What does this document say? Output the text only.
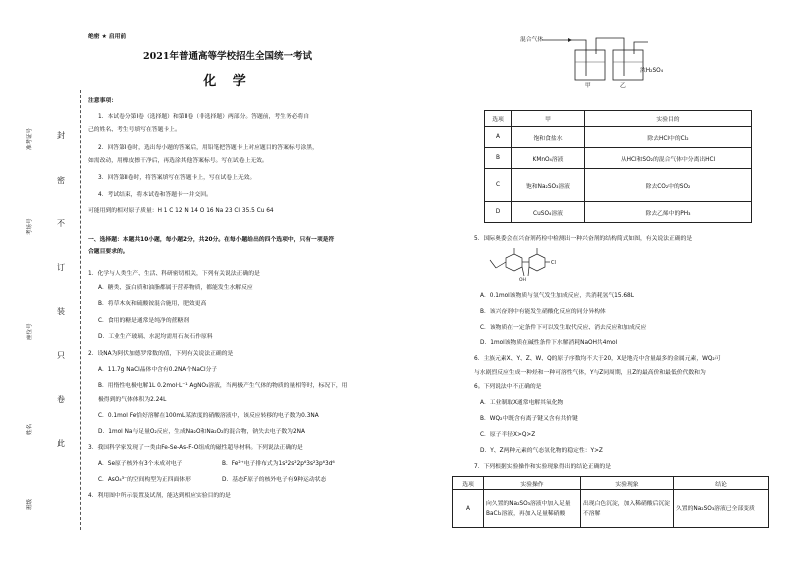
封
密
不
订
装
只
卷
此
准考证号
考场号
座位号
姓名
班级
绝密 ★ 启用前
2021年普通高等学校招生全国统一考试
化 学
注意事项：
1．本试卷分第Ⅰ卷（选择题）和第Ⅱ卷（非选择题）两部分。答题前，考生务必将自
己的姓名、考生号填写在答题卡上。
2．回答第Ⅰ卷时，选出每小题的答案后，用铅笔把答题卡上对应题目的答案标号涂黑，
如需改动，用橡皮擦干净后，再选涂其他答案标号。写在试卷上无效。
3．回答第Ⅱ卷时，将答案填写在答题卡上，写在试卷上无效。
4．考试结束，将本试卷和答题卡一并交回。
可能用到的相对原子质量：H 1 C 12 N 14 O 16 Na 23 Cl 35.5 Cu 64
一、选择题：本题共10小题，每小题2分，共20分。在每小题给出的四个选项中，只有一项是符
合题目要求的。
1．化学与人类生产、生活、科研密切相关，下列有关说法正确的是
A．糖类、蛋白质和油脂都属于营养物质，都能发生水解反应
B．将草木灰和硫酸铵混合施用，肥效更高
C．食用的糖是通常是纯净的蔗糖剂
D．工业生产玻璃、水泥均需用石灰石作原料
2．设NA为阿伏加德罗常数的值，下列有关说法正确的是
A．11.7g NaCl晶体中含有0.2NA个NaCl分子
B．用惰性电极电解1L 0.2mol·L⁻¹ AgNO₃溶液，当两极产生气体的物质的量相等时，标况下，用
极得到的气体体积为2.24L
C．0.1mol Fe恰好溶解在100mL某浓度的硝酸溶液中，该反应转移的电子数为0.3NA
D．1mol Na与足量O₂反应，生成Na₂O和Na₂O₂的混合物，钠失去电子数为2NA
3．我国科学家发现了一类由Fe-Se-As-F-O组成的磁性超导材料。下列说法正确的是
A．Se原子核外有3个未成对电子	B．Fe²⁺电子排布式为1s²2s²2p⁶3s²3p⁶3d⁶
C．AsO₄³⁻的空间构型为正四面体形	D．基态F原子的核外电子有9种运动状态
4．利用图中所示装置及试剂，能达到相应实验目的的是
混合气体
浓H₂SO₄
甲	乙
选项	甲	实验目的
A	饱和食盐水	除去HCl中的Cl₂
B	KMnO₄溶液	从HCl和SO₂的混合气体中分离出HCl
C	饱和Na₂SO₃溶液	除去CO₂中的SO₂
D	CuSO₄溶液	除去乙烯中的PH₃
5．国际奥委会在兴奋剂药检中检测出一种兴奋剂的结构简式如图，有关说法正确的是
Cl
OH
A．0.1mol该物质与氢气发生加成反应，共消耗氢气15.68L
B．该兴奋剂中有能发生硝酸化反应的同分异构体
C．该物质在一定条件下可以发生取代反应、消去反应和加成反应
D．1mol该物质在碱性条件下水解消耗NaOH共4mol
6．主族元素X、Y、Z、W、Q的原子序数均不大于20，X是地壳中含量最多的金属元素，WQ₂可
与水剧烈反应生成一种烃和一种可溶性气体，Y与Z同周期，且Z的最高价和最低价代数和为
6。下列说法中不正确的是
A．工业制取X通常电解其氧化物
B．WQ₂中既含有离子键又含有共价键
C．原子半径X>Q>Z
D．Y、Z两种元素的气态氢化物的稳定性：Y>Z
7．下列根据实验操作和实验现象得出的结论正确的是
选项	实验操作	实验现象	结论
A	向久置的Na₂SO₃溶液中加入足量BaCl₂溶液，再加入足量稀硝酸	出现白色沉淀，加入稀硝酸后沉淀不溶解	久置的Na₂SO₃溶液已全部变质
